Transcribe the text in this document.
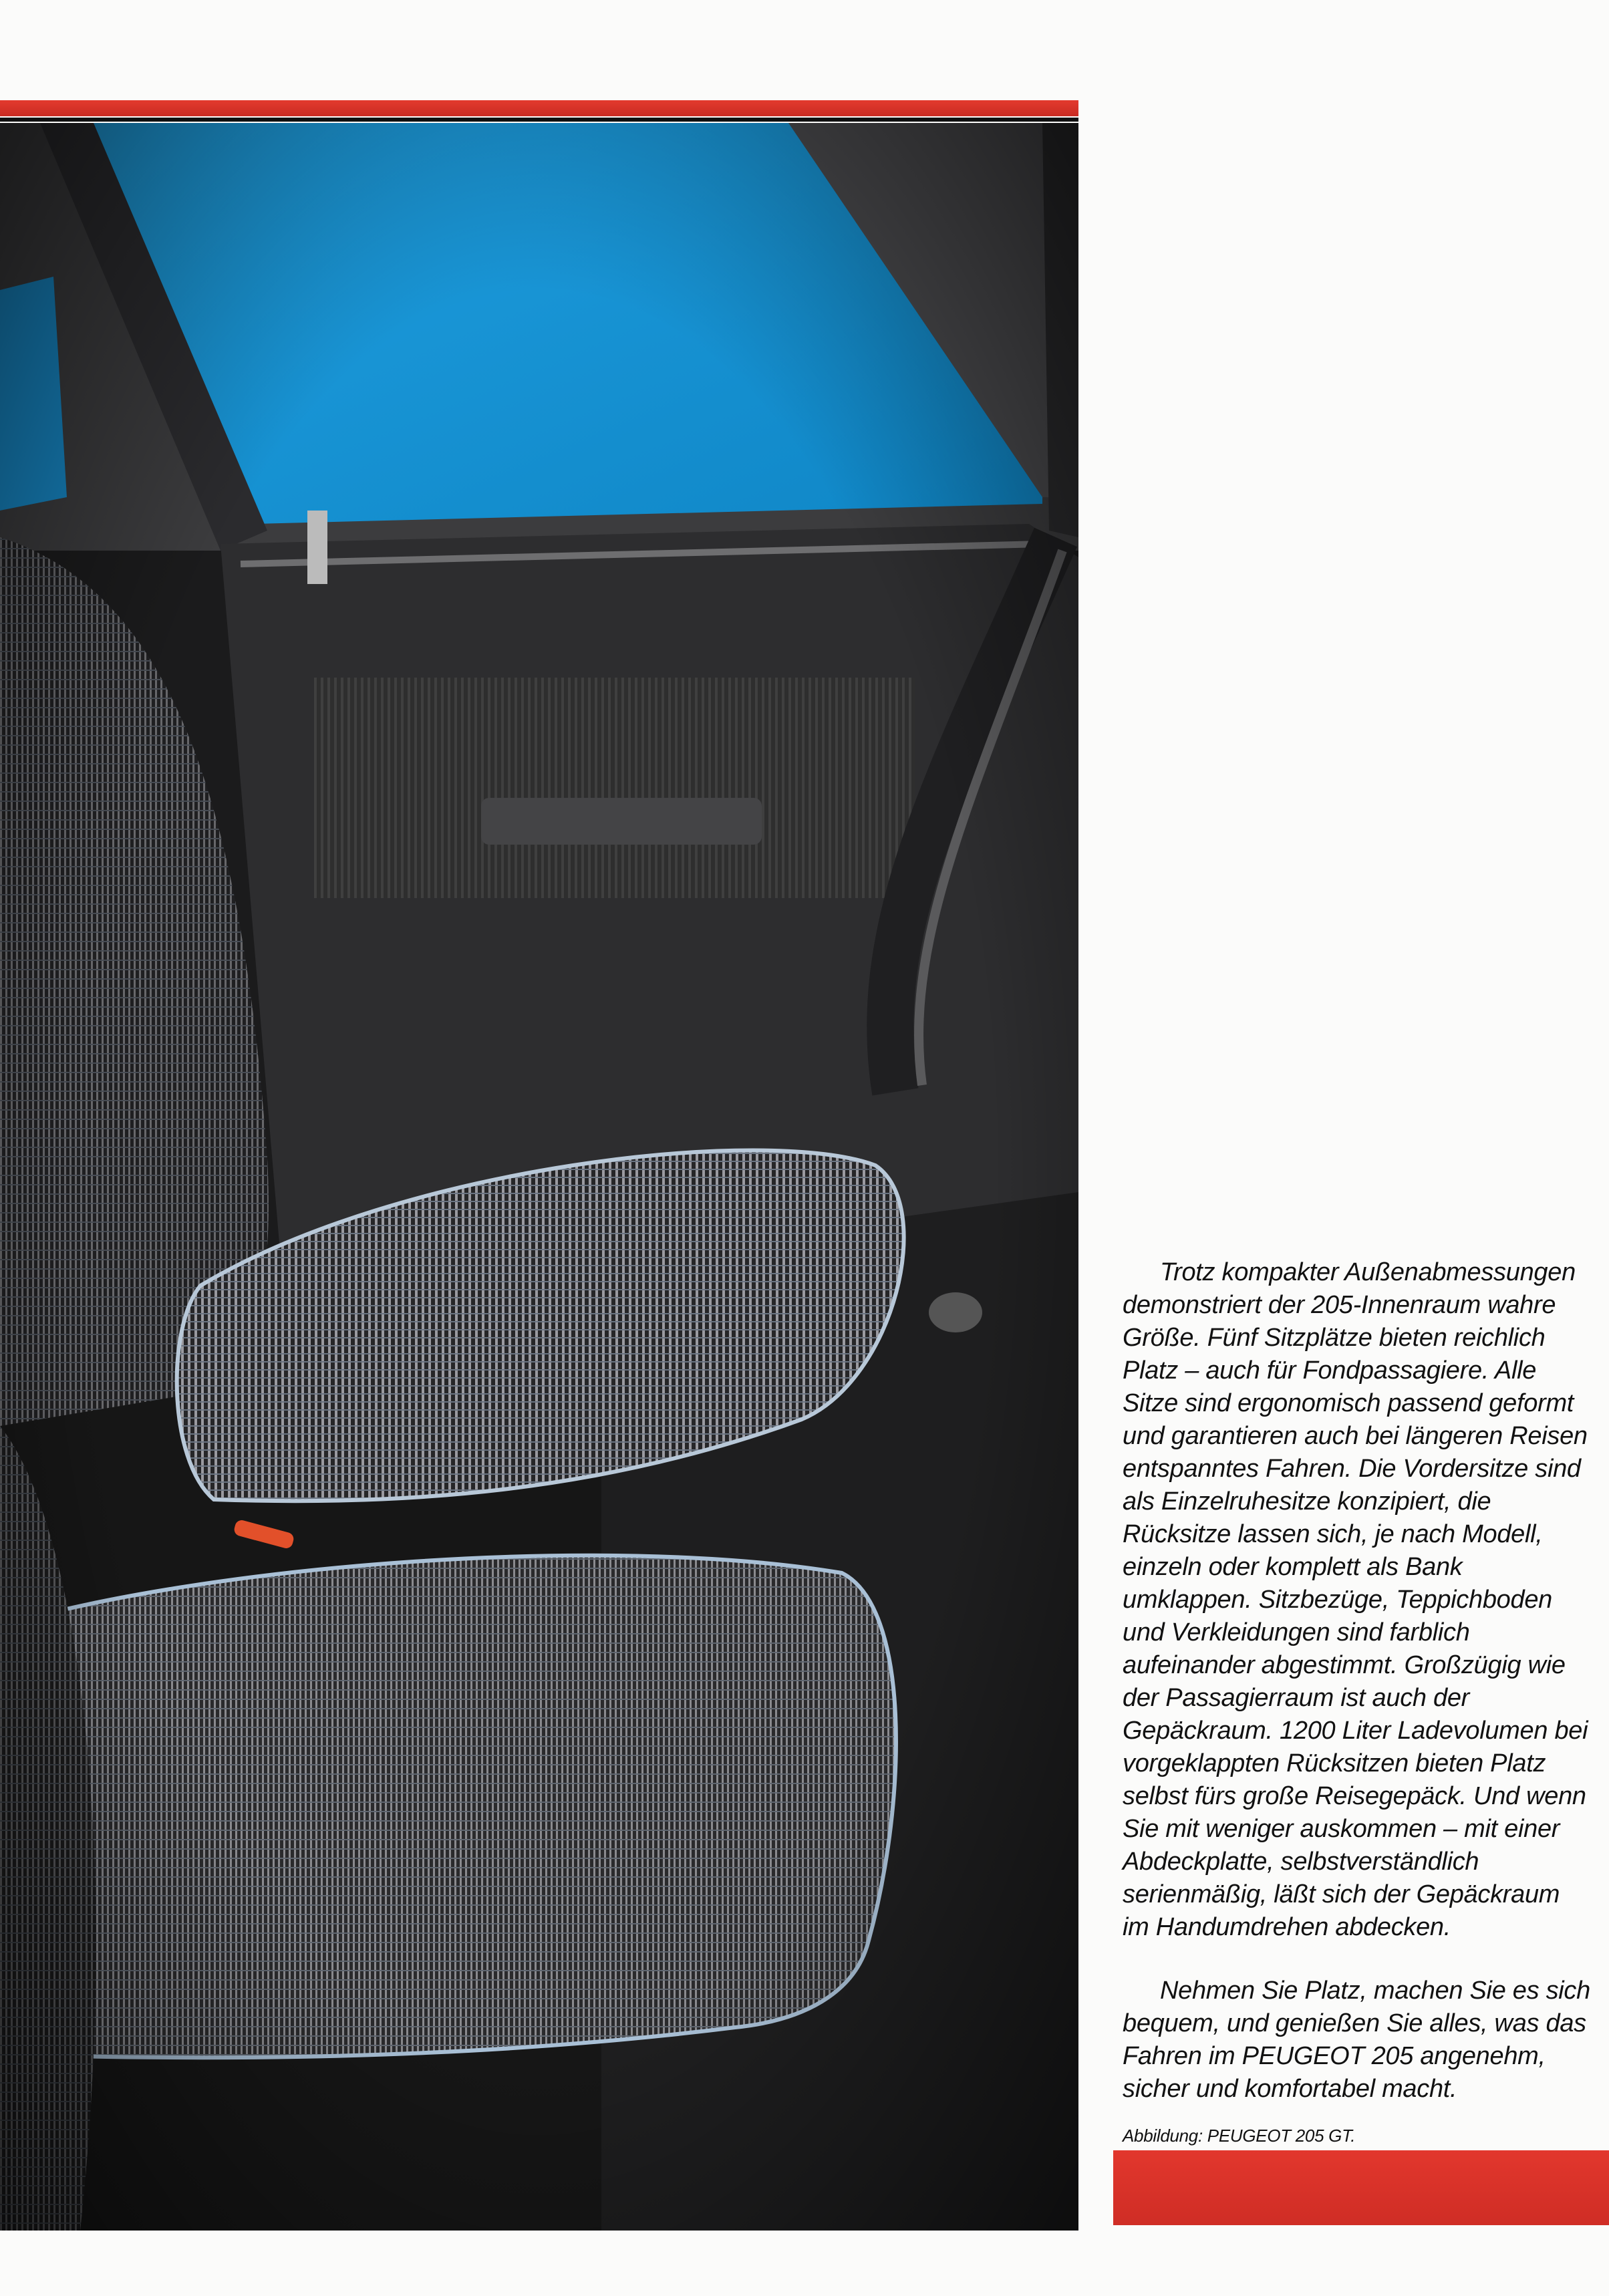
Trotz kompakter Außenabmessungen demonstriert der 205-Innenraum wahre Größe. Fünf Sitzplätze bieten reichlich Platz – auch für Fondpassagiere. Alle Sitze sind ergonomisch passend geformt und garantieren auch bei längeren Reisen entspanntes Fahren. Die Vordersitze sind als Einzelruhesitze konzipiert, die Rücksitze lassen sich, je nach Modell, einzeln oder komplett als Bank umklappen. Sitzbezüge, Teppichboden und Verkleidungen sind farblich aufeinander abgestimmt. Großzügig wie der Passagierraum ist auch der Gepäckraum. 1200 Liter Ladevolumen bei vorgeklappten Rücksitzen bieten Platz selbst fürs große Reisegepäck. Und wenn Sie mit weniger auskommen – mit einer Abdeckplatte, selbstverständlich serienmäßig, läßt sich der Gepäckraum im Handumdrehen abdecken.

Nehmen Sie Platz, machen Sie es sich bequem, und genießen Sie alles, was das Fahren im PEUGEOT 205 angenehm, sicher und komfortabel macht.

Abbildung: PEUGEOT 205 GT.
